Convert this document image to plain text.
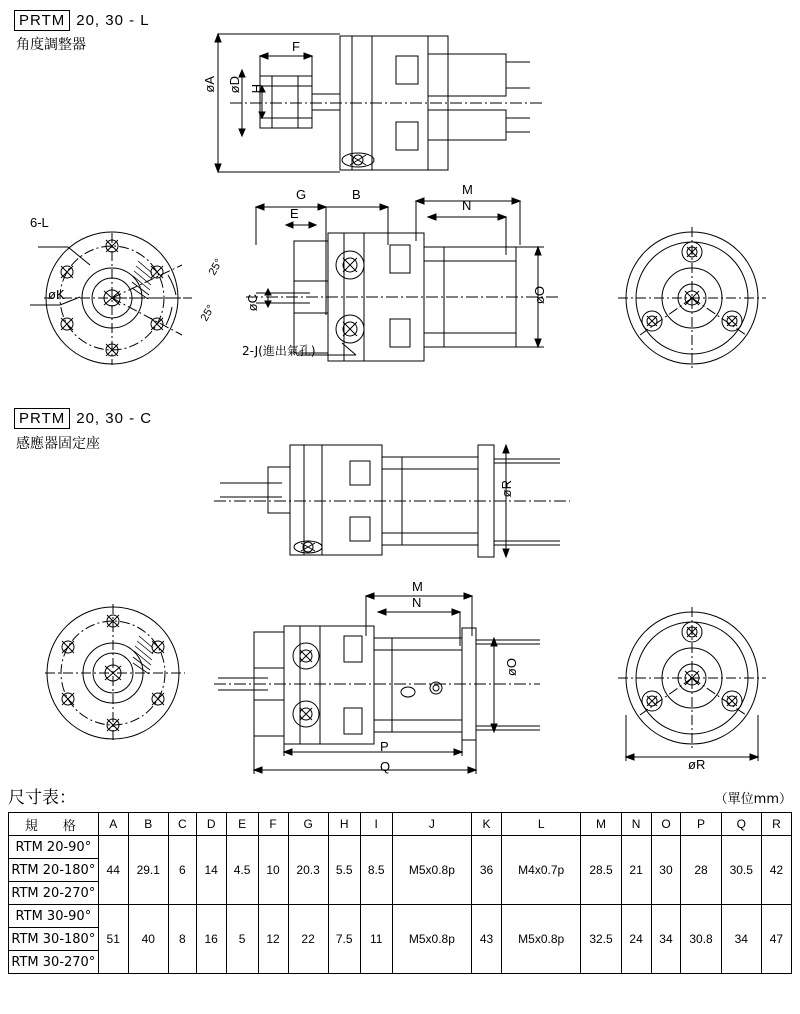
PRTM 20, 30 - L
角度調整器	F
øA øD H
6-L
øK
25°
25°
G	B	M
N
E
øC	øO
2-J(進出氣孔)
PRTM 20, 30 - C
感應器固定座
øR
M
N
øO
P
Q	øR
尺寸表：	（單位mm）
規　格	A	B	C	D	E	F	G	H	I	J	K	L	M	N	O	P	Q	R
RTM 20-90°	44	29.1	6	14	4.5	10	20.3	5.5	8.5	M5x0.8p	36	M4x0.7p	28.5	21	30	28	30.5	42
RTM 20-180°																		
RTM 20-270°																		
RTM 30-90°	51	40	8	16	5	12	22	7.5	11	M5x0.8p	43	M5x0.8p	32.5	24	34	30.8	34	47
RTM 30-180°																		
RTM 30-270°																		
